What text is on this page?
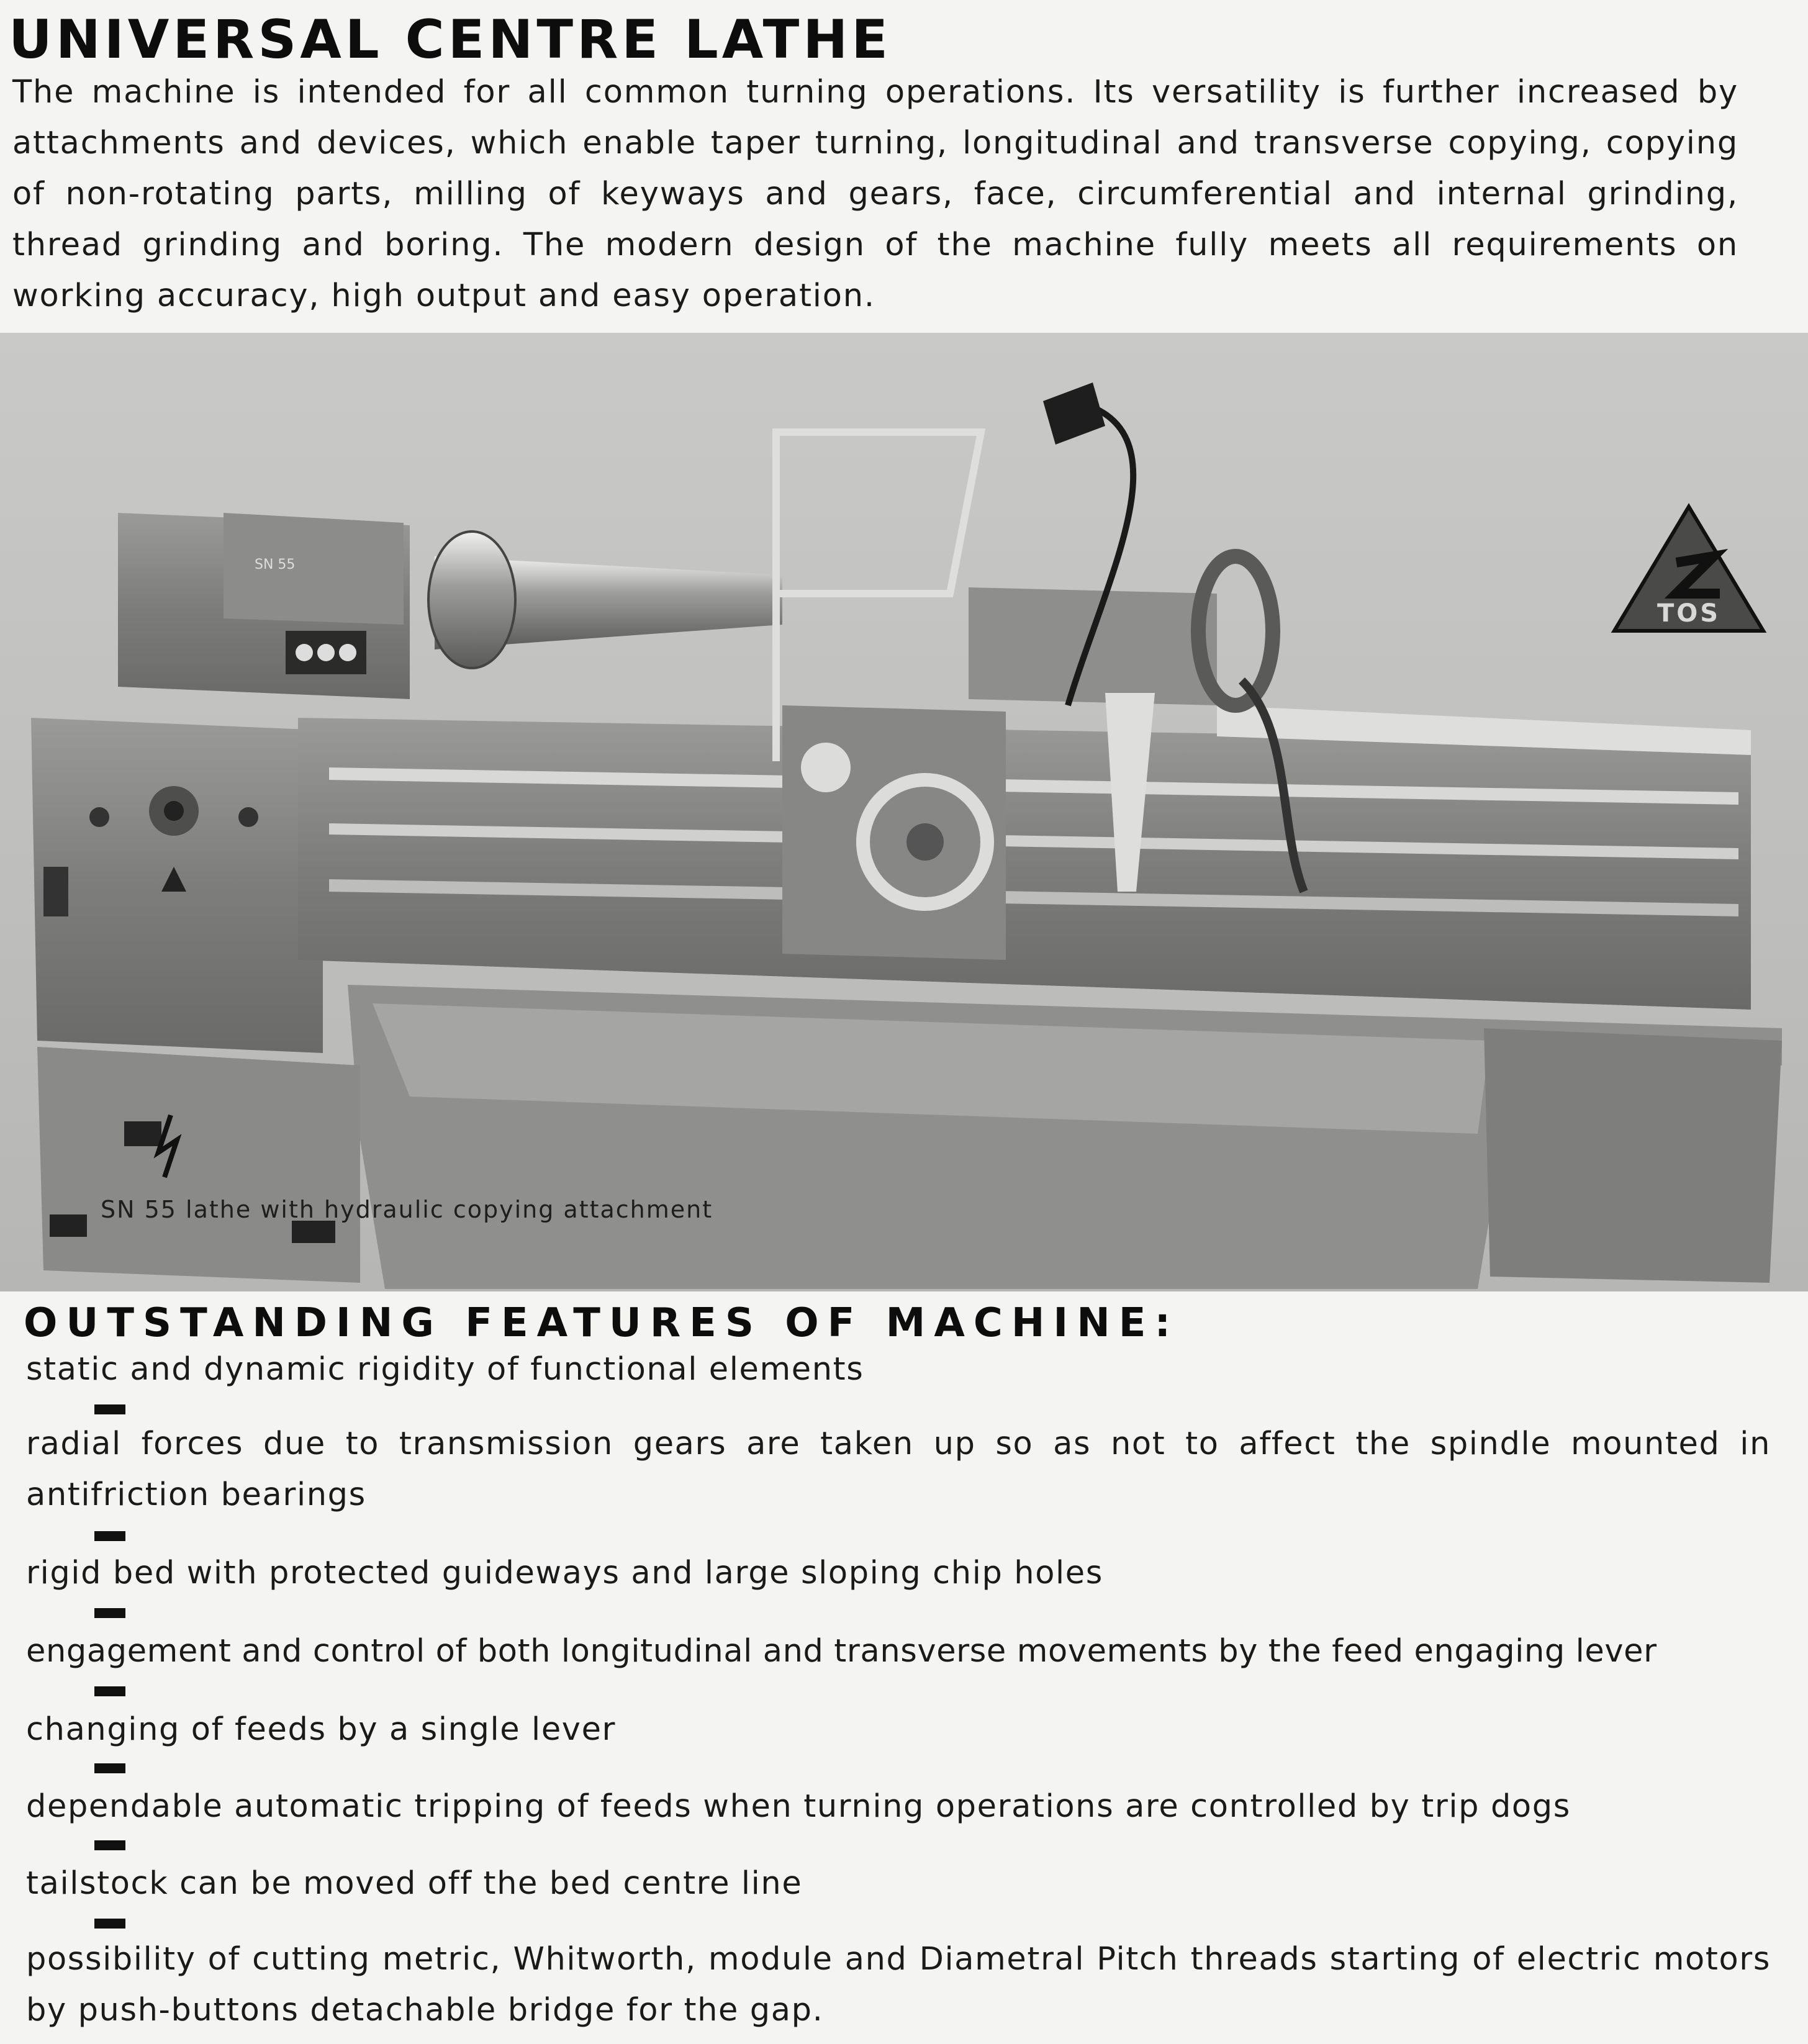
UNIVERSAL CENTRE LATHE
The machine is intended for all common turning operations. Its versatility is further increased by attachments and devices, which enable taper turning, longitudinal and transverse copying, copying of non-rotating parts, milling of keyways and gears, face, circumferential and internal grinding, thread grinding and boring. The modern design of the machine fully meets all requirements on working accuracy, high output and easy operation.
SN 55
TOS
SN 55 lathe with hydraulic copying attachment
OUTSTANDING FEATURES OF MACHINE:
static and dynamic rigidity of functional elements
radial forces due to transmission gears are taken up so as not to affect the spindle mounted in antifriction bearings
rigid bed with protected guideways and large sloping chip holes
engagement and control of both longitudinal and transverse movements by the feed engaging lever
changing of feeds by a single lever
dependable automatic tripping of feeds when turning operations are controlled by trip dogs
tailstock can be moved off the bed centre line
possibility of cutting metric, Whitworth, module and Diametral Pitch threads starting of electric motors by push-buttons detachable bridge for the gap.
